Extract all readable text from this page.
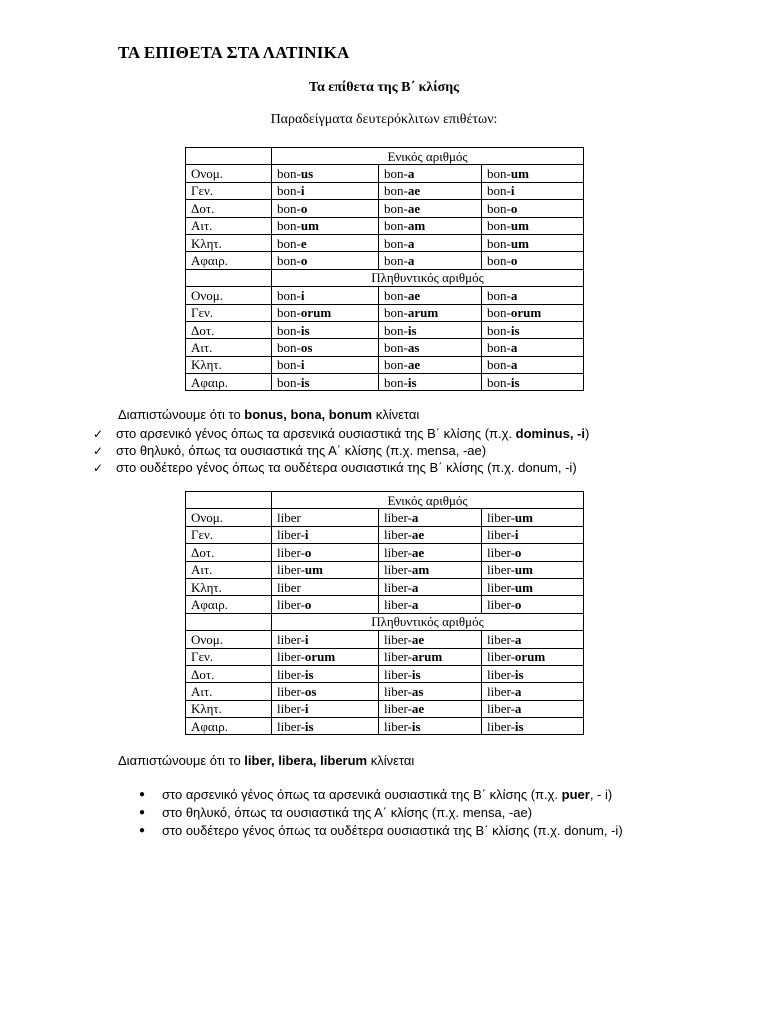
ΤΑ ΕΠΙΘΕΤΑ ΣΤΑ ΛΑΤΙΝΙΚΑ
Τα επίθετα της Β΄ κλίσης
Παραδείγματα δευτερόκλιτων επιθέτων:
	Ενικός αριθμός		
Ονομ.	bon-us	bon-a	bon-um
Γεν.	bon-i	bon-ae	bon-i
Δοτ.	bon-o	bon-ae	bon-o
Αιτ.	bon-um	bon-am	bon-um
Κλητ.	bon-e	bon-a	bon-um
Αφαιρ.	bon-o	bon-a	bon-o
	Πληθυντικός αριθμός		
Ονομ.	bon-i	bon-ae	bon-a
Γεν.	bon-orum	bon-arum	bon-orum
Δοτ.	bon-is	bon-is	bon-is
Αιτ.	bon-os	bon-as	bon-a
Κλητ.	bon-i	bon-ae	bon-a
Αφαιρ.	bon-is	bon-is	bon-is
Διαπιστώνουμε ότι το bonus, bona, bonum κλίνεται
✓ στο αρσενικό γένος όπως τα αρσενικά ουσιαστικά της Β΄ κλίσης (π.χ. dominus, -i)
✓ στο θηλυκό, όπως τα ουσιαστικά της Α΄ κλίσης (π.χ. mensa, -ae)
✓ στο ουδέτερο γένος όπως τα ουδέτερα ουσιαστικά της Β΄ κλίσης (π.χ. donum, -i)
	Ενικός αριθμός		
Ονομ.	liber	liber-a	liber-um
Γεν.	liber-i	liber-ae	liber-i
Δοτ.	liber-o	liber-ae	liber-o
Αιτ.	liber-um	liber-am	liber-um
Κλητ.	liber	liber-a	liber-um
Αφαιρ.	liber-o	liber-a	liber-o
	Πληθυντικός αριθμός		
Ονομ.	liber-i	liber-ae	liber-a
Γεν.	liber-orum	liber-arum	liber-orum
Δοτ.	liber-is	liber-is	liber-is
Αιτ.	liber-os	liber-as	liber-a
Κλητ.	liber-i	liber-ae	liber-a
Αφαιρ.	liber-is	liber-is	liber-is
Διαπιστώνουμε ότι το liber, libera, liberum κλίνεται
● στο αρσενικό γένος όπως τα αρσενικά ουσιαστικά της Β΄ κλίσης (π.χ. puer, - i)
● στο θηλυκό, όπως τα ουσιαστικά της Α΄ κλίσης (π.χ. mensa, -ae)
● στο ουδέτερο γένος όπως τα ουδέτερα ουσιαστικά της Β΄ κλίσης (π.χ. donum, -i)
